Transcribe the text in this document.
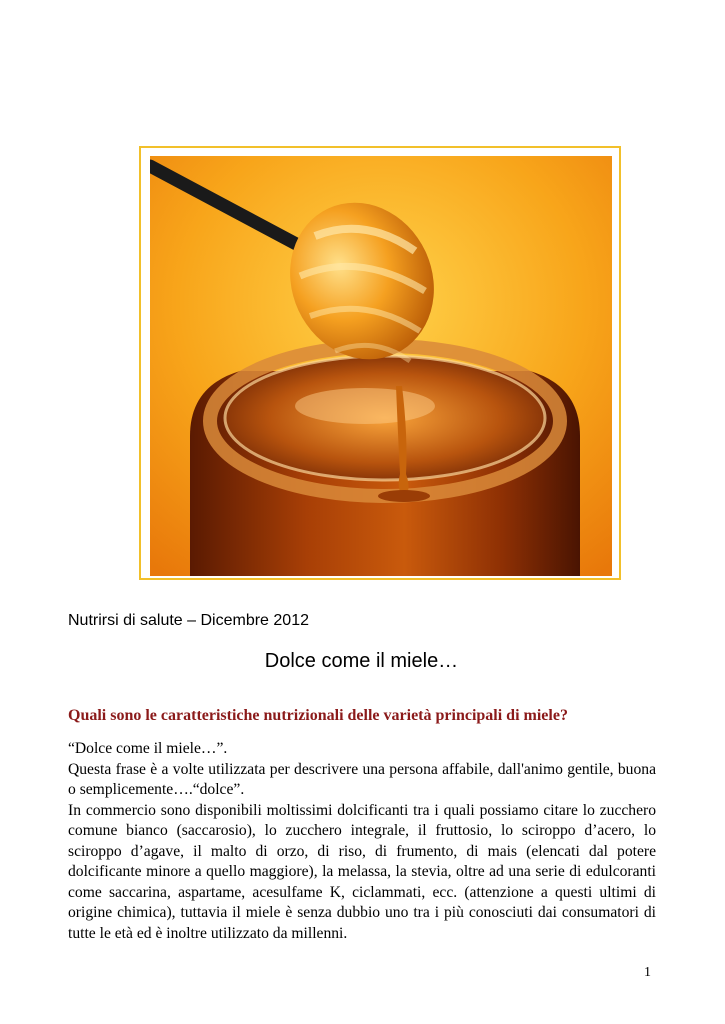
Nutrirsi di salute – Dicembre 2012
Dolce come il miele…
Quali sono le caratteristiche nutrizionali delle varietà principali di miele?

“Dolce come il miele…”.

Questa frase è a volte utilizzata per descrivere una persona affabile, dall'animo gentile, buona o semplicemente….“dolce”.

In commercio sono disponibili moltissimi dolcificanti tra i quali possiamo citare lo zucchero comune bianco (saccarosio), lo zucchero integrale, il fruttosio, lo sciroppo d’acero, lo sciroppo d’agave, il malto di orzo, di riso, di frumento, di mais (elencati dal potere dolcificante minore a quello maggiore), la melassa, la stevia, oltre ad una serie di edulcoranti come saccarina, aspartame, acesulfame K, ciclammati, ecc. (attenzione a questi ultimi di origine chimica), tuttavia il miele è senza dubbio uno tra i più conosciuti dai consumatori di tutte le età ed è inoltre utilizzato da millenni.

1
